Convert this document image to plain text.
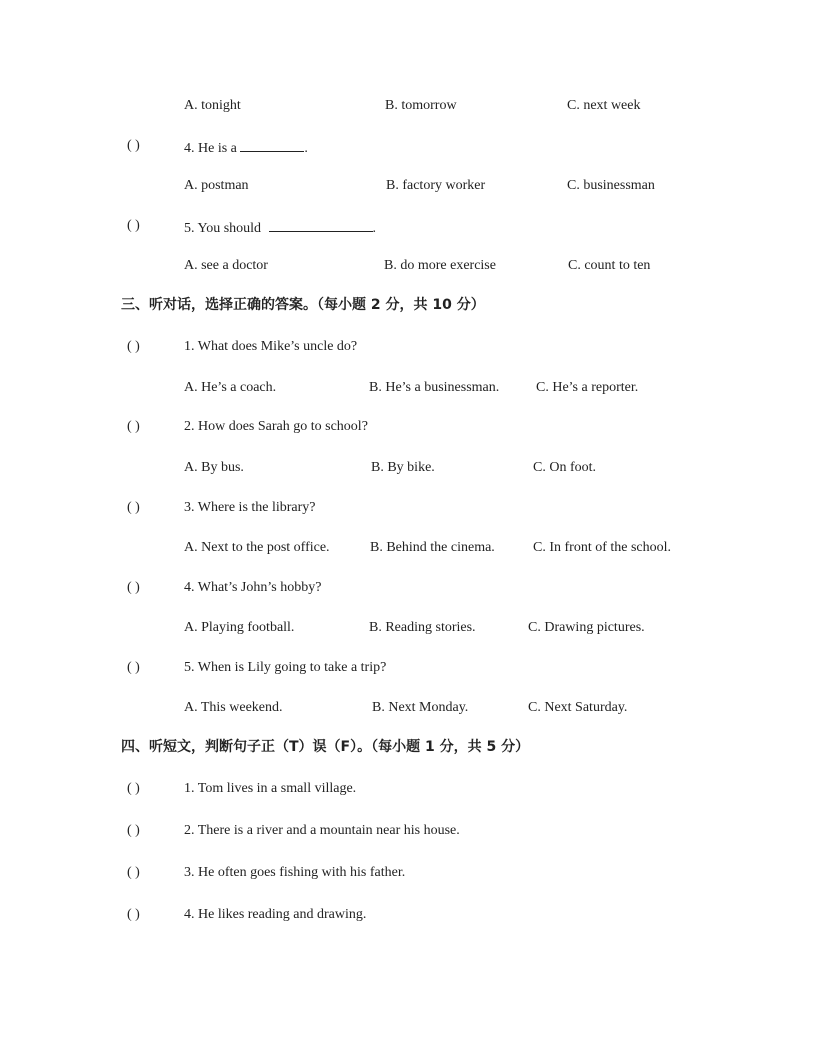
A. tonight	B. tomorrow	C. next week
( )	4. He is a	.
A. postman	B. factory worker	C. businessman
( )	5. You should	.
A. see a doctor	B. do more exercise	C. count to ten
三、听对话，选择正确的答案。（每小题 2 分，共 10 分）
( )	1. What does Mike’s uncle do?
A. He’s a coach.	B. He’s a businessman.	C. He’s a reporter.
( )	2. How does Sarah go to school?
A. By bus.	B. By bike.	C. On foot.
( )	3. Where is the library?
A. Next to the post office.	B. Behind the cinema.	C. In front of the school.
( )	4. What’s John’s hobby?
A. Playing football.	B. Reading stories.	C. Drawing pictures.
( )	5. When is Lily going to take a trip?
A. This weekend.	B. Next Monday.	C. Next Saturday.
四、听短文，判断句子正（T）误（F）。（每小题 1 分，共 5 分）
( )	1. Tom lives in a small village.
( )	2. There is a river and a mountain near his house.
( )	3. He often goes fishing with his father.
( )	4. He likes reading and drawing.
